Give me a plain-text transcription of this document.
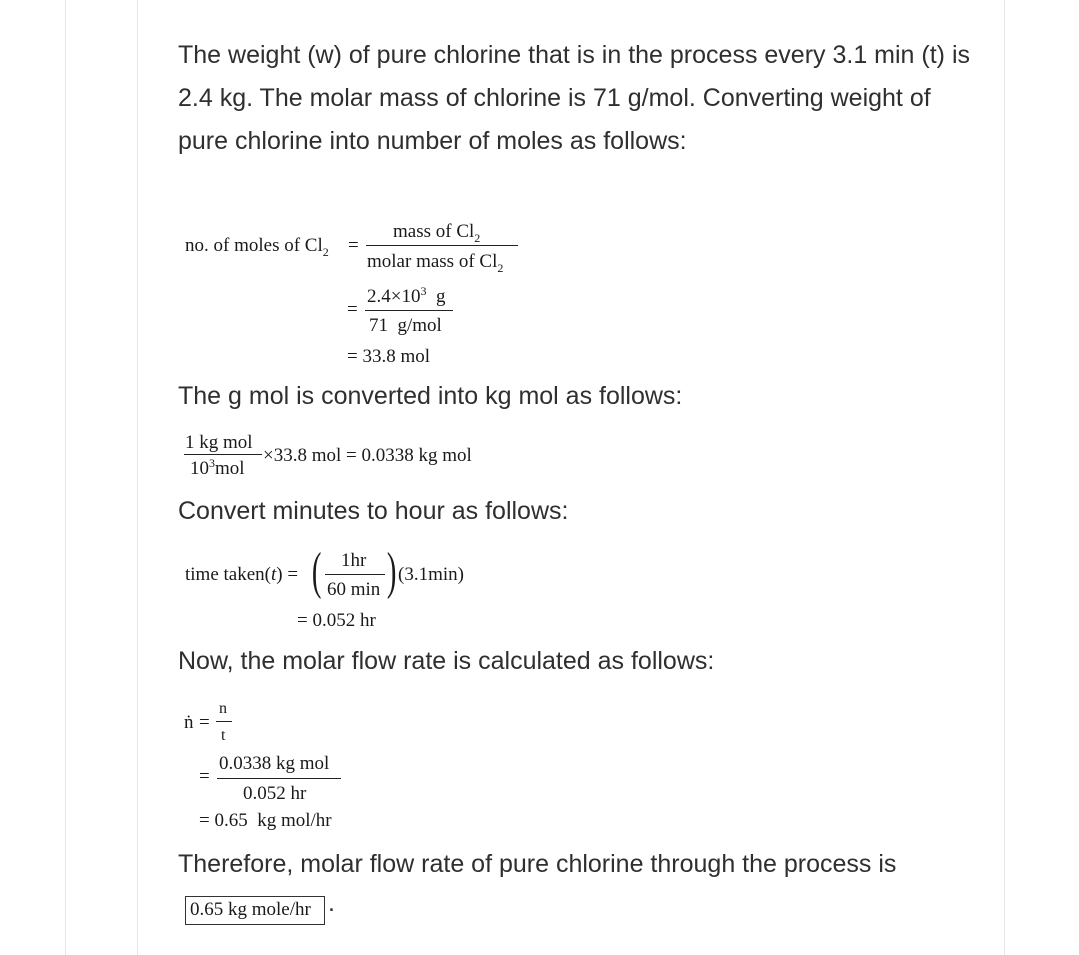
The weight (w) of pure chlorine that is in the process every 3.1 min (t) is 2.4 kg. The molar mass of chlorine is 71 g/mol. Converting weight of pure chlorine into number of moles as follows:
no. of moles of $Cl_2$ =
mass of $Cl_2$
molar mass of $Cl_2$
=
$2.4\times 10^3$ g
71  g/mol
= 33.8 mol
The g mol is converted into kg mol as follows:
1 kg mol
$10^3mol$
×33.8 mol = 0.0338 kg mol
Convert minutes to hour as follows:
time taken(t) = ( 1hr
60 min ) (3.1min)
= 0.052 hr
Now, the molar flow rate is calculated as follows:
ṅ =
n
t
=
0.0338 kg mol
0.052 hr
= 0.65  kg mol/hr
Therefore, molar flow rate of pure chlorine through the process is
0.65 kg mole/hr .
